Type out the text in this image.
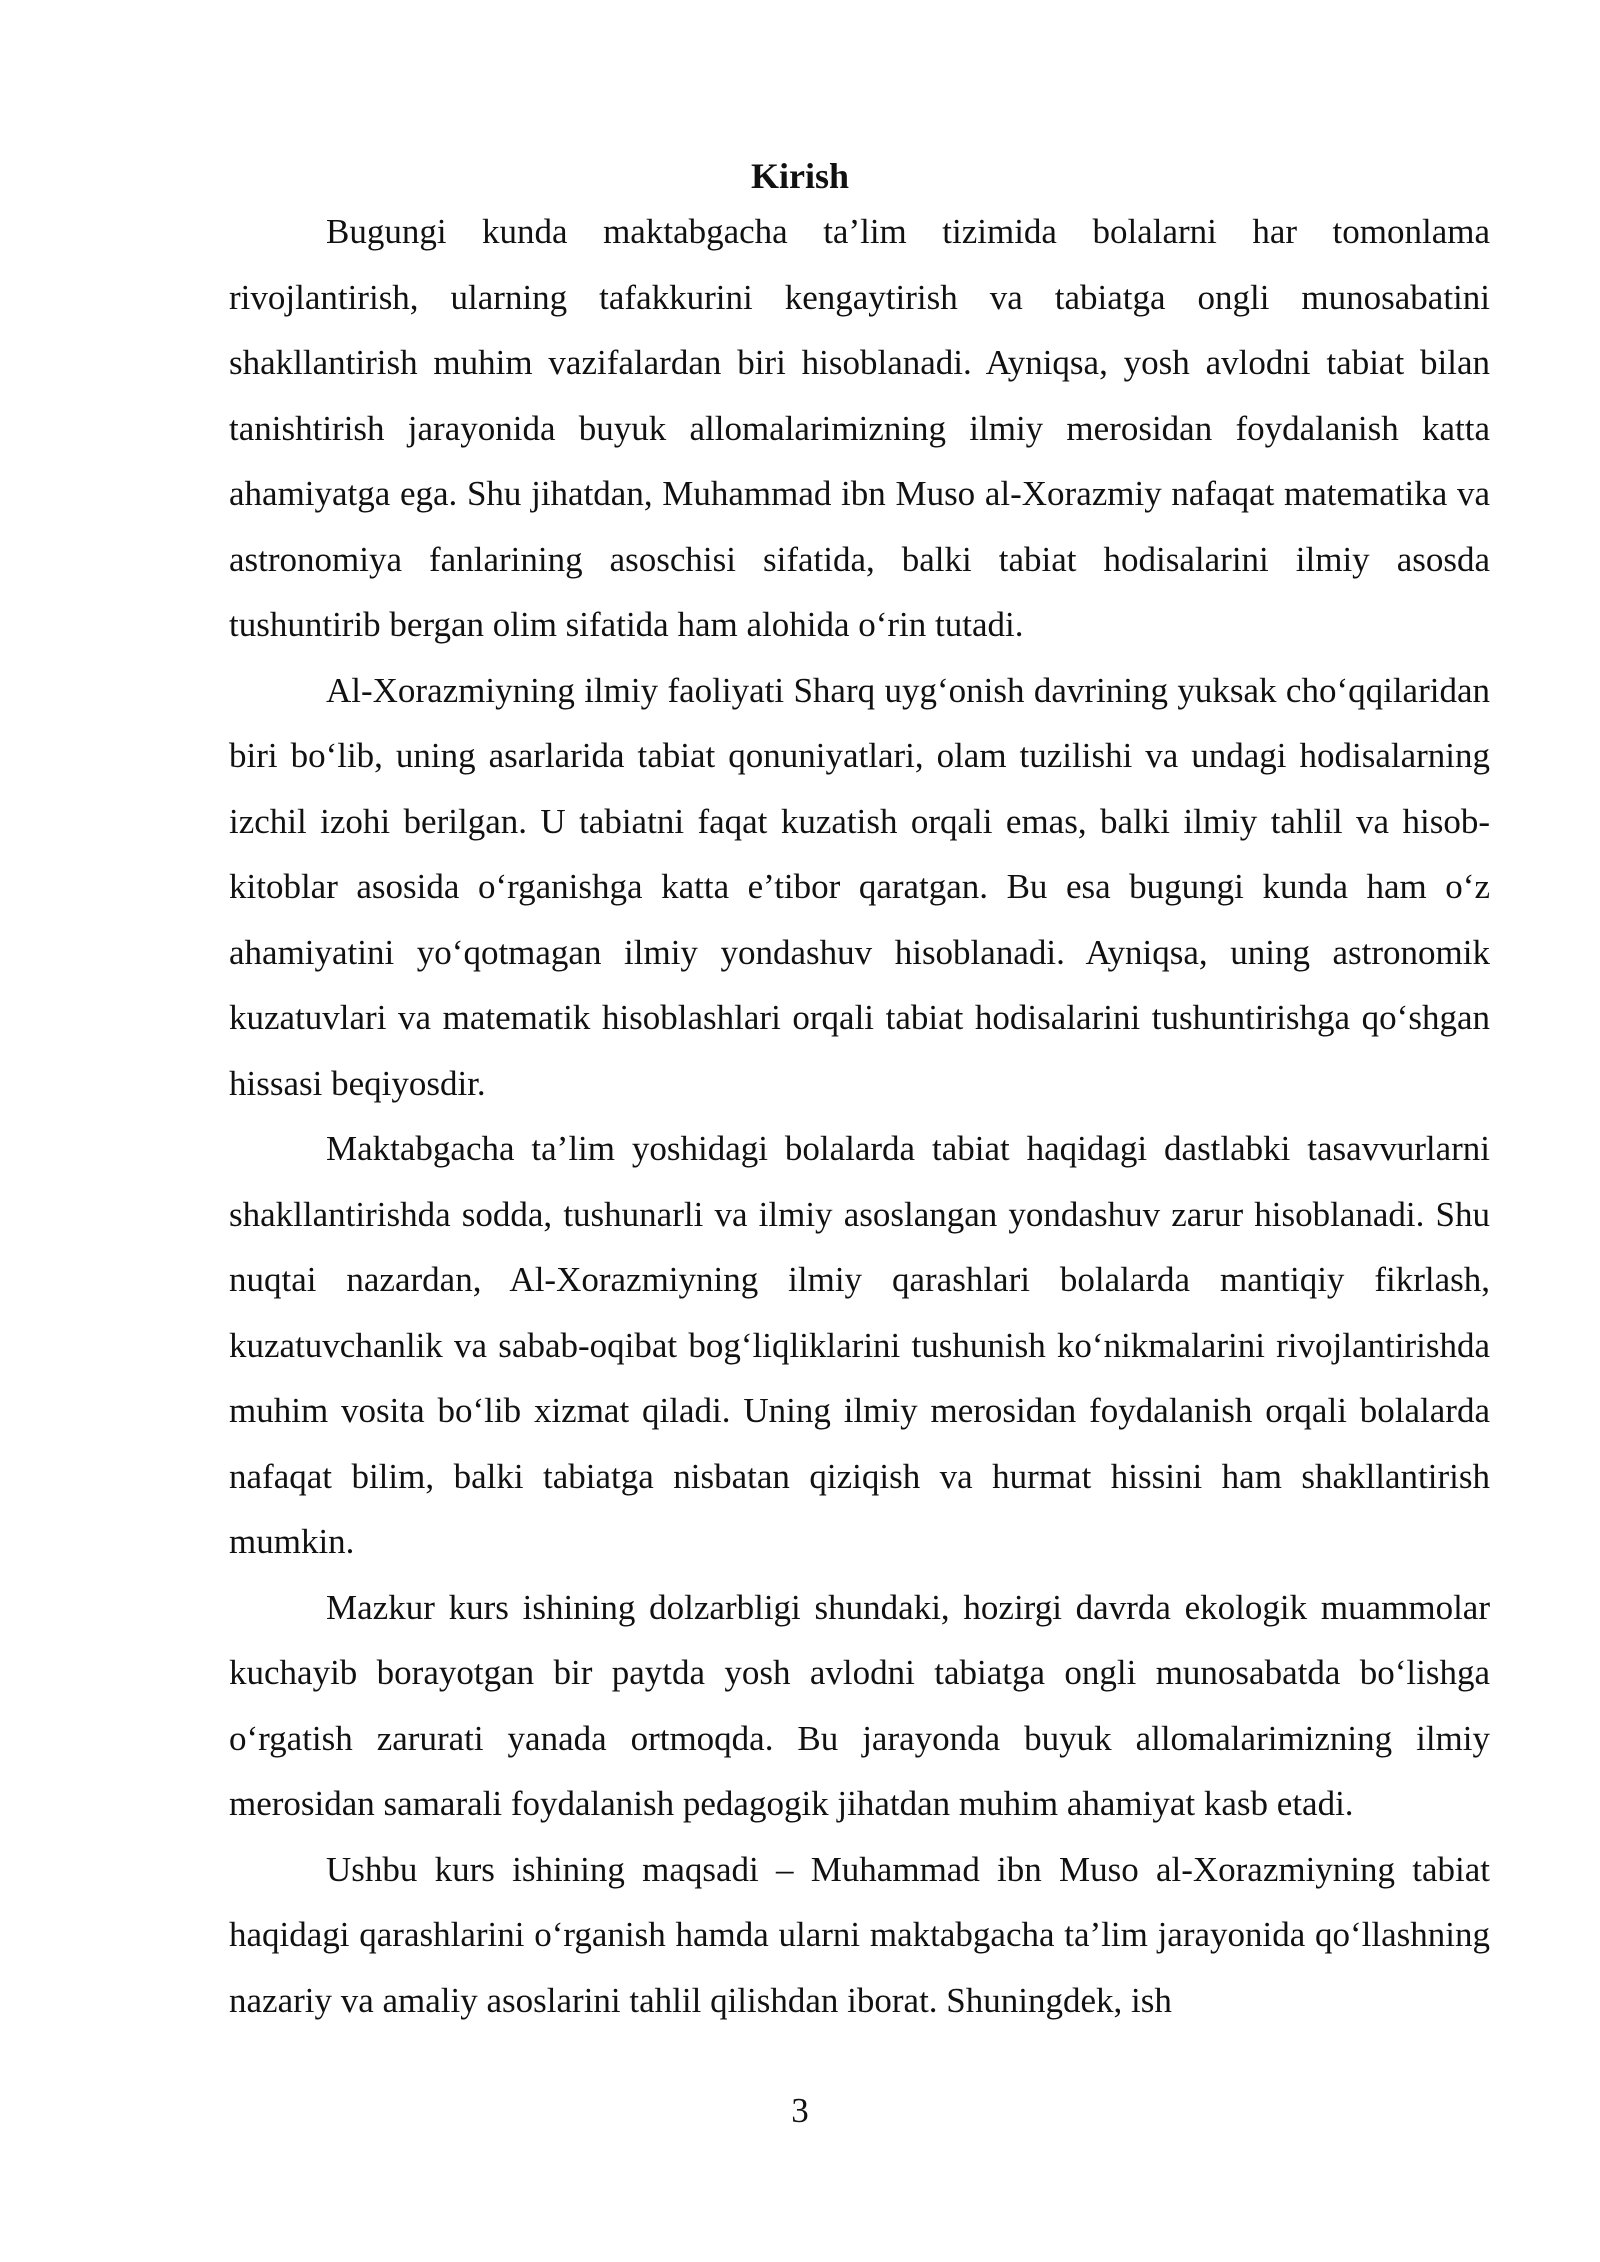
Kirish

Bugungi kunda maktabgacha ta’lim tizimida bolalarni har tomonlama rivojlantirish, ularning tafakkurini kengaytirish va tabiatga ongli munosabatini shakllantirish muhim vazifalardan biri hisoblanadi. Ayniqsa, yosh avlodni tabiat bilan tanishtirish jarayonida buyuk allomalarimizning ilmiy merosidan foydalanish katta ahamiyatga ega. Shu jihatdan, Muhammad ibn Muso al-Xorazmiy nafaqat matematika va astronomiya fanlarining asoschisi sifatida, balki tabiat hodisalarini ilmiy asosda tushuntirib bergan olim sifatida ham alohida o‘rin tutadi.

Al-Xorazmiyning ilmiy faoliyati Sharq uyg‘onish davrining yuksak cho‘qqilaridan biri bo‘lib, uning asarlarida tabiat qonuniyatlari, olam tuzilishi va undagi hodisalarning izchil izohi berilgan. U tabiatni faqat kuzatish orqali emas, balki ilmiy tahlil va hisob-kitoblar asosida o‘rganishga katta e’tibor qaratgan. Bu esa bugungi kunda ham o‘z ahamiyatini yo‘qotmagan ilmiy yondashuv hisoblanadi. Ayniqsa, uning astronomik kuzatuvlari va matematik hisoblashlari orqali tabiat hodisalarini tushuntirishga qo‘shgan hissasi beqiyosdir.

Maktabgacha ta’lim yoshidagi bolalarda tabiat haqidagi dastlabki tasavvurlarni shakllantirishda sodda, tushunarli va ilmiy asoslangan yondashuv zarur hisoblanadi. Shu nuqtai nazardan, Al-Xorazmiyning ilmiy qarashlari bolalarda mantiqiy fikrlash, kuzatuvchanlik va sabab-oqibat bog‘liqliklarini tushunish ko‘nikmalarini rivojlantirishda muhim vosita bo‘lib xizmat qiladi. Uning ilmiy merosidan foydalanish orqali bolalarda nafaqat bilim, balki tabiatga nisbatan qiziqish va hurmat hissini ham shakllantirish mumkin.

Mazkur kurs ishining dolzarbligi shundaki, hozirgi davrda ekologik muammolar kuchayib borayotgan bir paytda yosh avlodni tabiatga ongli munosabatda bo‘lishga o‘rgatish zarurati yanada ortmoqda. Bu jarayonda buyuk allomalarimizning ilmiy merosidan samarali foydalanish pedagogik jihatdan muhim ahamiyat kasb etadi.

Ushbu kurs ishining maqsadi – Muhammad ibn Muso al-Xorazmiyning tabiat haqidagi qarashlarini o‘rganish hamda ularni maktabgacha ta’lim jarayonida qo‘llashning nazariy va amaliy asoslarini tahlil qilishdan iborat. Shuningdek, ish

3
